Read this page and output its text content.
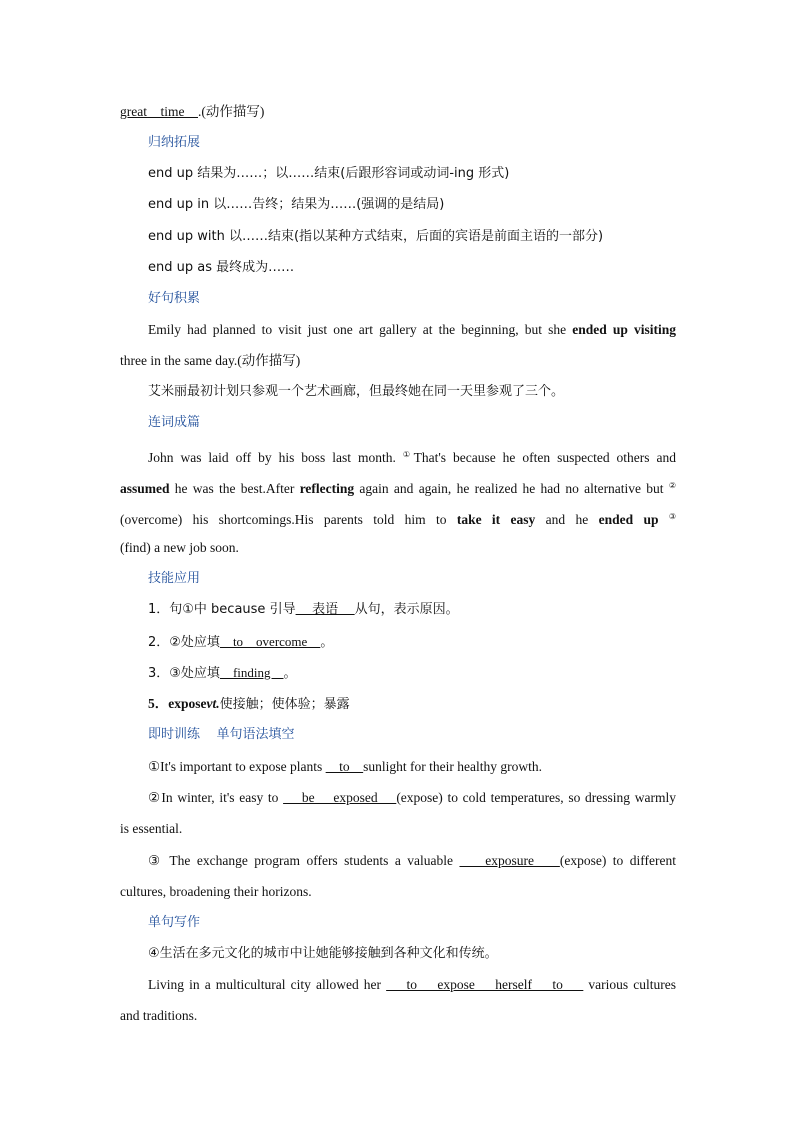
great    time    .(动作描写)
归纳拓展
end up 结果为……；以……结束(后跟形容词或动词-ing 形式)
end up in 以……告终；结果为……(强调的是结局)
end up with 以……结束(指以某种方式结束，后面的宾语是前面主语的一部分)
end up as 最终成为……
好句积累
Emily had planned to visit just one art gallery at the beginning, but she ended up visiting
three in the same day.(动作描写)
艾米丽最初计划只参观一个艺术画廊，但最终她在同一天里参观了三个。
连词成篇
John was laid off by his boss last month. ①That's because he often suspected others and
assumed he was the best.After reflecting again and again, he realized he had no alternative but ②
(overcome) his shortcomings.His parents told him to take it easy and he ended up ③
(find) a new job soon.
技能应用
1．句①中 because 引导    表语    从句，表示原因。
2．②处应填    to    overcome    。
3．③处应填    finding    。
5．exposevt.使接触；使体验；暴露
即时训练    单句语法填空
①It's important to expose plants     to    sunlight for their healthy growth.
②In winter, it's easy to     be    exposed    (expose) to cold temperatures, so dressing warmly
is essential.
③ The exchange program offers students a valuable     exposure    (expose) to different
cultures, broadening their horizons.
单句写作
④生活在多元文化的城市中让她能够接触到各种文化和传统。
Living in a multicultural city allowed her     to    expose    herself    to     various cultures
and traditions.
